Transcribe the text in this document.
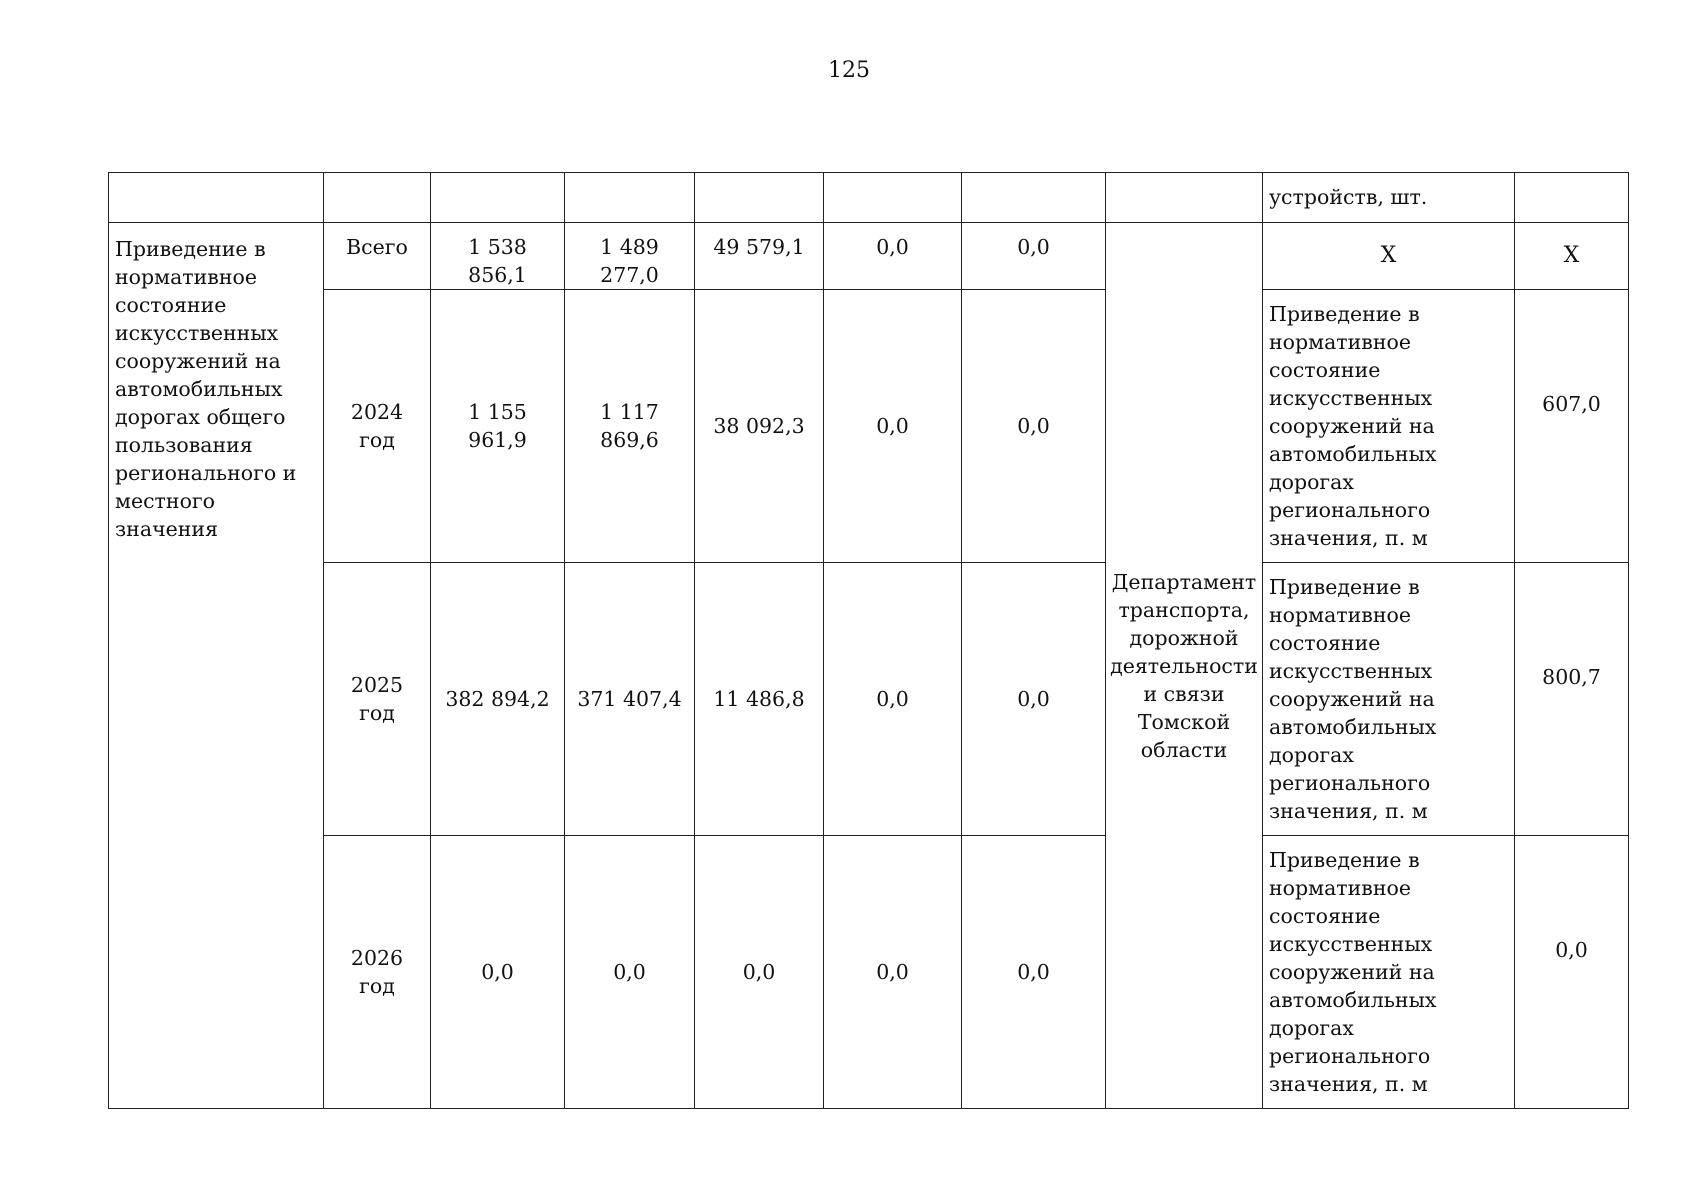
125
								устройств, шт.	
Приведение в нормативное состояние искусственных сооружений на автомобильных дорогах общего пользования регионального и местного значения	Всего	1 538 856,1	1 489 277,0	49 579,1	0,0	0,0	Департамент транспорта, дорожной деятельности и связи Томской области	Х	Х
	2024 год	1 155 961,9	1 117 869,6	38 092,3	0,0	0,0		Приведение в нормативное состояние искусственных сооружений на автомобильных дорогах регионального значения, п. м	607,0
	2025 год	382 894,2	371 407,4	11 486,8	0,0	0,0		Приведение в нормативное состояние искусственных сооружений на автомобильных дорогах регионального значения, п. м	800,7
	2026 год	0,0	0,0	0,0	0,0	0,0		Приведение в нормативное состояние искусственных сооружений на автомобильных дорогах регионального значения, п. м	0,0
